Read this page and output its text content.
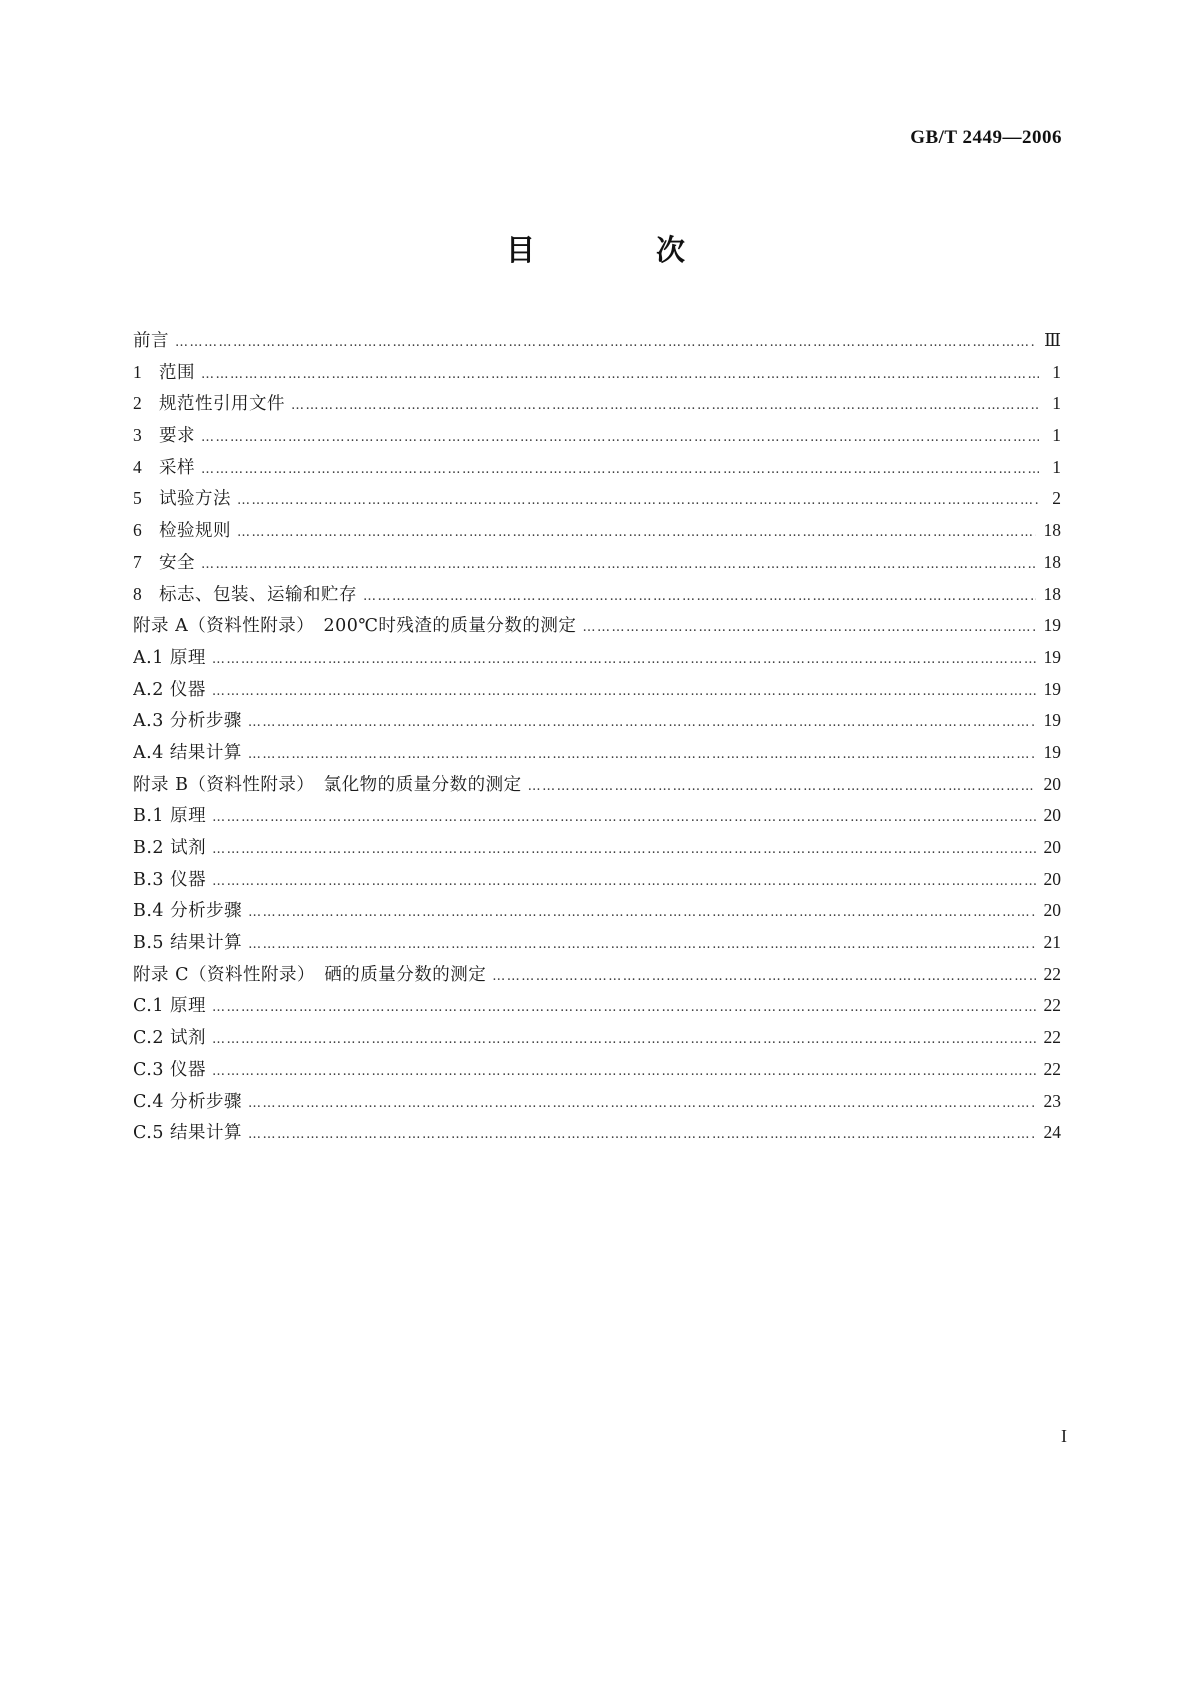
GB/T 2449—2006
目　次
前言 ………………………………………………………………………………………………………………………………………………………………………………	Ⅲ
1 范围 ………………………………………………………………………………………………………………………………………………………………………………	1
2 规范性引用文件 ………………………………………………………………………………………………………………………………………………………………………………	1
3 要求 ………………………………………………………………………………………………………………………………………………………………………………	1
4 采样 ………………………………………………………………………………………………………………………………………………………………………………	1
5 试验方法 ………………………………………………………………………………………………………………………………………………………………………………	2
6 检验规则 ………………………………………………………………………………………………………………………………………………………………………………	18
7 安全 ………………………………………………………………………………………………………………………………………………………………………………	18
8 标志、包装、运输和贮存 ………………………………………………………………………………………………………………………………………………………………………………	18
附录 A（资料性附录）　200℃时残渣的质量分数的测定 ………………………………………………………………………………………………………………………………………………………………………………	19
A.1 原理 ………………………………………………………………………………………………………………………………………………………………………………	19
A.2 仪器 ………………………………………………………………………………………………………………………………………………………………………………	19
A.3 分析步骤 ………………………………………………………………………………………………………………………………………………………………………………	19
A.4 结果计算 ………………………………………………………………………………………………………………………………………………………………………………	19
附录 B（资料性附录）　氯化物的质量分数的测定 ………………………………………………………………………………………………………………………………………………………………………………	20
B.1 原理 ………………………………………………………………………………………………………………………………………………………………………………	20
B.2 试剂 ………………………………………………………………………………………………………………………………………………………………………………	20
B.3 仪器 ………………………………………………………………………………………………………………………………………………………………………………	20
B.4 分析步骤 ………………………………………………………………………………………………………………………………………………………………………………	20
B.5 结果计算 ………………………………………………………………………………………………………………………………………………………………………………	21
附录 C（资料性附录）　硒的质量分数的测定 ………………………………………………………………………………………………………………………………………………………………………………	22
C.1 原理 ………………………………………………………………………………………………………………………………………………………………………………	22
C.2 试剂 ………………………………………………………………………………………………………………………………………………………………………………	22
C.3 仪器 ………………………………………………………………………………………………………………………………………………………………………………	22
C.4 分析步骤 ………………………………………………………………………………………………………………………………………………………………………………	23
C.5 结果计算 ………………………………………………………………………………………………………………………………………………………………………………	24
I
